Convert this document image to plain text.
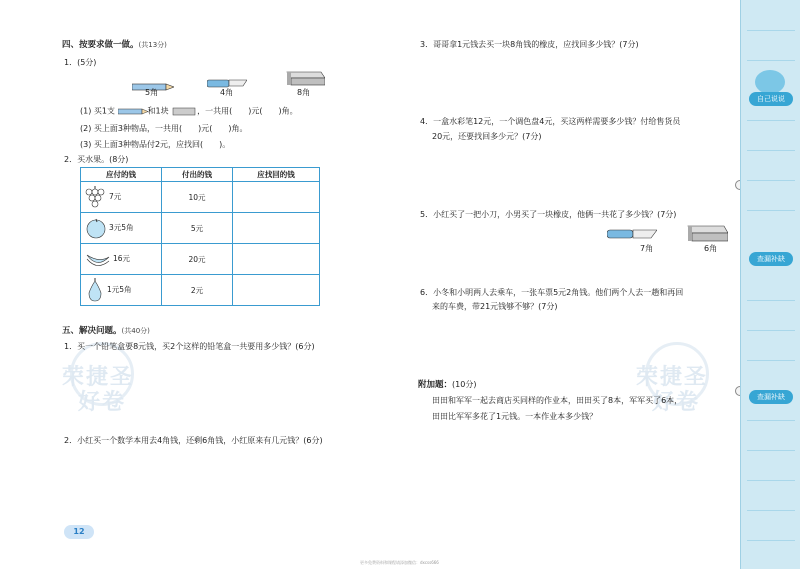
荣捷圣
好卷
荣捷圣
好卷
四、按要求做一做。(共13分)
1．(5分)
5角	4角	8角
(1) 买1支	和1块	，一共用(　　)元(　　)角。
(2) 买上面3种物品，一共用(　　)元(　　)角。
(3) 买上面3种物品付2元，应找回(　　)。
2．买水果。(8分)
应付的钱	付出的钱	应找回的钱
7元	10元	
3元5角	5元	
16元	20元	
1元5角	2元	
五、解决问题。(共40分)
1．买一个铅笔盒要8元钱，买2个这样的铅笔盒一共要用多少钱？(6分)
2．小红买一个数学本用去4角钱，还剩6角钱，小红原来有几元钱？(6分)
12
3．哥哥拿1元钱去买一块8角钱的橡皮，应找回多少钱？(7分)
4．一盒水彩笔12元，一个调色盘4元，买这两样需要多少钱？付给售货员
20元，还要找回多少元？(7分)
5．小红买了一把小刀，小男买了一块橡皮，他俩一共花了多少钱？(7分)
7角	6角
6．小冬和小明两人去乘车，一张车票5元2角钱。他们两个人去一趟和再回
来的车费，带21元钱够不够？(7分)
附加题：(10分)
田田和军军一起去商店买同样的作业本，田田买了8本，军军买了6本，
田田比军军多花了1元钱。一本作业本多少钱？
更多免费资料和课程请添加微信：dxcss666
自己说说
查漏补缺
查漏补缺
